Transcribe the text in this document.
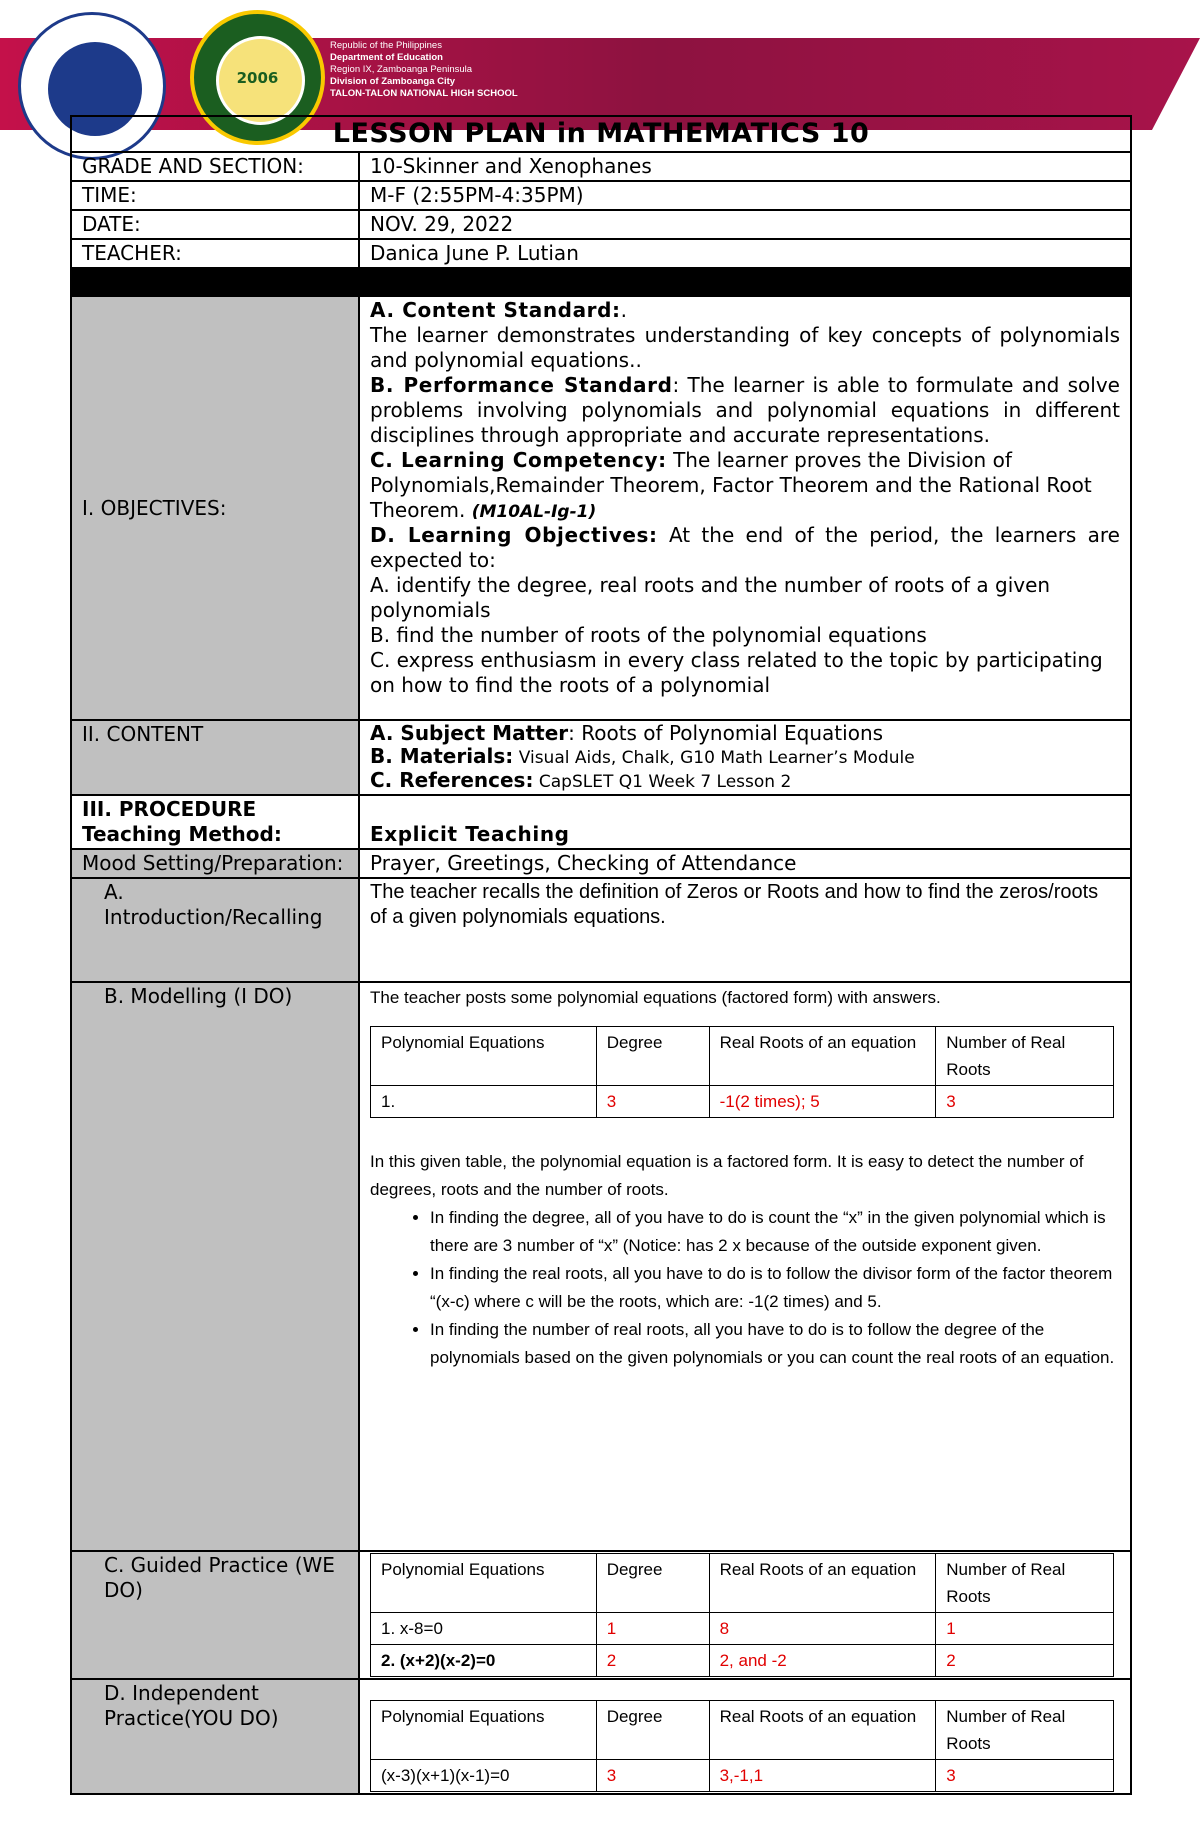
2006
Republic of the Philippines
Department of Education
Region IX, Zamboanga Peninsula
Division of Zamboanga City
TALON-TALON NATIONAL HIGH SCHOOL
LESSON PLAN in MATHEMATICS 10
GRADE AND SECTION:	10-Skinner and Xenophanes
TIME:	M-F (2:55PM-4:35PM)
DATE:	NOV. 29, 2022
TEACHER:	Danica June P. Lutian

I. OBJECTIVES:	
A. Content Standard:.
The learner demonstrates understanding of key concepts of polynomials and polynomial equations..
B. Performance Standard: The learner is able to formulate and solve problems involving polynomials and polynomial equations in different disciplines through appropriate and accurate representations.
C. Learning Competency: The learner proves the Division of Polynomials,Remainder Theorem, Factor Theorem and the Rational Root Theorem. (M10AL-Ig-1)
D. Learning Objectives: At the end of the period, the learners are expected to:
A. identify the degree, real roots and the number of roots of a given polynomials
B. find the number of roots of the polynomial equations
C. express enthusiasm in every class related to the topic by participating on how to find the roots of a polynomial

II. CONTENT	A. Subject Matter: Roots of Polynomial Equations
B. Materials: Visual Aids, Chalk, G10 Math Learner’s Module
C. References: CapSLET Q1 Week 7 Lesson 2

III. PROCEDURE
Teaching Method:	Explicit Teaching

Mood Setting/Preparation:	Prayer, Greetings, Checking of Attendance
A. Introduction/Recalling	The teacher recalls the definition of Zeros or Roots and how to find the zeros/roots of a given polynomials equations.
B. Modelling (I DO)	The teacher posts some polynomial equations (factored form) with answers.
Polynomial Equations	Degree	Real Roots of an equation	Number of Real Roots
1.	3	-1(2 times); 5	3
In this given table, the polynomial equation is a factored form. It is easy to detect the number of degrees, roots and the number of roots.
• In finding the degree, all of you have to do is count the “x” in the given polynomial which is there are 3 number of “x” (Notice: has 2 x because of the outside exponent given.
• In finding the real roots, all you have to do is to follow the divisor form of the factor theorem “(x-c) where c will be the roots, which are: -1(2 times) and 5.
• In finding the number of real roots, all you have to do is to follow the degree of the polynomials based on the given polynomials or you can count the real roots of an equation.

C. Guided Practice (WE DO)	
Polynomial Equations	Degree	Real Roots of an equation	Number of Real Roots
1. x-8=0	1	8	1
2. (x+2)(x-2)=0	2	2, and -2	2

D. Independent Practice(YOU DO)		Polynomial Equations	Degree	Real Roots of an equation	Number of Real Roots
(x-3)(x+1)(x-1)=0	3	3,-1,1	3
